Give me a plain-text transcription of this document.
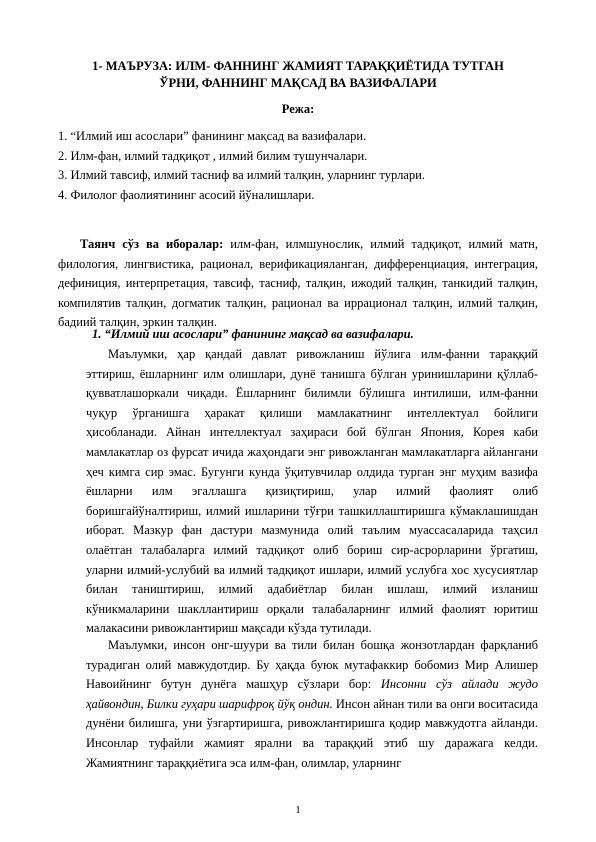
1- МАЪРУЗА: ИЛМ- ФАННИНГ ЖАМИЯТ ТАРАҚҚИЁТИДА ТУТГАН
ЎРНИ, ФАННИНГ МАҚСАД ВА ВАЗИФАЛАРИ
Режа:
1. “Илмий иш асослари” фанининг мақсад ва вазифалари.
2. Илм-фан, илмий тадқиқот , илмий билим тушунчалари.
3. Илмий тавсиф, илмий тасниф ва илмий талқин, уларнинг турлари.
4. Филолог фаолиятининг асосий йўналишлари.
Таянч сўз ва иборалар: илм-фан, илмшунослик, илмий тадқиқот, илмий матн, филология, лингвистика, рационал, верификацияланган, дифференциация, интеграция, дефиниция, интерпретация, тавсиф, тасниф, талқин, ижодий талқин, танкидий талқин, компилятив талқин, догматик талқин, рационал ва иррационал талқин, илмий талқин, бадиий талқин, эркин талқин.
1. “Илмий иш асослари” фанининг мақсад ва вазифалари.
Маълумки, ҳар қандай давлат ривожланиш йўлига илм-фанни тараққий эттириш, ёшларнинг илм олишлари, дунё танишга бўлган уринишларини қўллаб-қувватлашоркали чиқади. Ёшларнинг билимли бўлишга интилиши, илм-фанни чуқур ўрганишга ҳаракат қилиши мамлакатнинг интеллектуал бойлиги ҳисобланади. Айнан интеллектуал заҳираси бой бўлган Япония, Корея каби мамлакатлар оз фурсат ичида жаҳондаги энг ривожланган мамлакатларга айлангани ҳеч кимга сир эмас. Бугунги кунда ўқитувчилар олдида турган энг муҳим вазифа ёшларни илм эгаллашга қизиқтириш, улар илмий фаолият олиб боришгайўналтириш, илмий ишларини тўғри ташкиллаштиришга кўмаклашишдан иборат. Мазкур фан дастури мазмунида олий таълим муассасаларида таҳсил олаётган талабаларга илмий тадқиқот олиб бориш сир-асрорларини ўргатиш, уларни илмий-услубий ва илмий тадқиқот ишлари, илмий услубга хос хусусиятлар билан таништириш, илмий адабиётлар билан ишлаш, илмий изланиш кўникмаларини шакллантириш орқали талабаларнинг илмий фаолият юритиш малакасини ривожлантириш мақсади кўзда тутилади.
Маълумки, инсон онг-шуури ва тили билан бошқа жонзотлардан фарқланиб турадиган олий мавжудотдир. Бу ҳақда буюк мутафаккир бобомиз Мир Алишер Навоийнинг бутун дунёга машҳур сўзлари бор: Инсонни сўз айлади жудо ҳайвондин, Билки гуҳари шарифроқ йўқ ондин. Инсон айнан тили ва онги воситасида дунёни билишга, уни ўзгартиришга, ривожлантиришга қодир мавжудотга айланди. Инсонлар туфайли жамият ярални ва тараққий этиб шу даражага келди. Жамиятнинг тараққиётига эса илм-фан, олимлар, уларнинг
1
